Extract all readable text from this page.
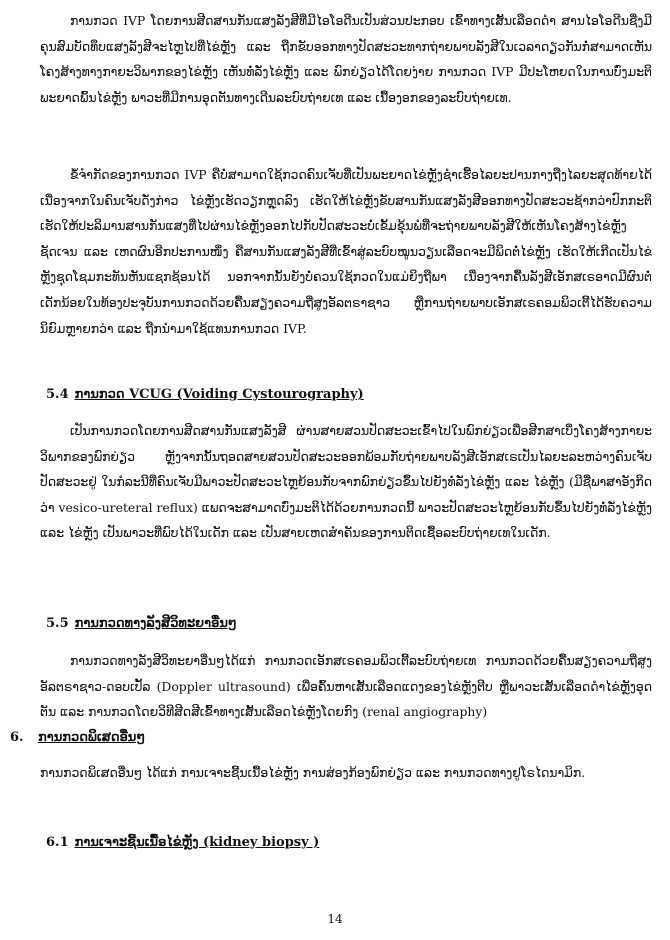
ການກວດ IVP ໂດຍການສີດສານກັນແສງລັງສີທີ່ມີໄອໂອດີນເປັນສ່ວນປະກອບ ເຂົ້າທາງເສັ້ນເລືອດດໍາ ສານໄອໂອດີນຊື່ງມີຄຸນສົມບັດທຶບແສງລັງສີຈະໄຫຼໄປທີ່ໄຂ່ຫຼັງ ແລະ ຖືກຂັບອອກທາງປັດສະວະທາກຖ່າຍພາບລັງສີໃນເວລາດຽວກັນກໍ່ສາມາດເຫັນໂຄງສ້າງທາງກາຍະວິພາກຂອງໄຂ່ຫຼັງ ເຫັນທໍ່ລັ່ງໄຂ່ຫຼັງ ແລະ ພົກຍ່ຽວໄດ້ໂດຍງ່າຍ ການກວດ IVP ມີປະໂຫຍດໃນການບົ່ງມະຕິພະຍາດພົ້ນໄຂ່ຫຼັງ ພາວະທີ່ມີການອຸດຕັນທາງເດີນລະບົບຖ່າຍເທ ແລະ ເນື້ອງອກຂອງລະບົບຖ່າຍເທ.

ຂໍ້ຈໍາກັດຂອງການກວດ IVP ຄືບໍ່ສາມາດໃຊ້ກວດຄົນເຈັບທີ່ເປັນພະຍາດໄຂ່ຫຼັງຊໍາເຮື້ອໄລຍະປານກາງຖືງໄລຍະສຸດທ້າຍໄດ້ ເນື່ອງຈາກໃນຄົນເຈັບດັ່ງກ່າວ ໄຂ່ຫຼັງເຮັດວຽກຫຼຸດລົງ ເຮັດໃຫ້ໄຂ່ຫຼັງຂັບສານກັນແສງລັງສີອອກທາງປັດສະວະຊ້າກວ່າປົກກະຕິ ເຮັດໃຫ້ປະລິມານສານກັນແສງທີ່ໄປຜ່ານໄຂ່ຫຼັງອອກໄປກັບປັດສະວະບໍ່ເຂັ້ມຂຸ້ນພໍທີ່ຈະຖ່າຍພາບລັງສີໃຫ້ເຫັນໂຄງສ້າງໄຂ່ຫຼັງຊັດເຈນ ແລະ ເຫດຜົນອີກປະການໜຶ່ງ ຄືສານກັນແສງລັງສີທີ່ເຂົ້າສູ່ລະບົບໝູນວຽນເລືອດຈະມີພິດຕໍ່ໄຂ່ຫຼັງ ເຮັດໃຫ້ເກີດເປັນໄຂ່ຫຼັງຊຸດໂຊມກະທັນຫັນແຊກຊ້ອນໄດ້ ນອກຈາກນັ້ນຍັງບໍ່ຄວນໃຊ້ກວດໃນແມ່ຍິງຖືພາ ເນື່ອງຈາກຄື້ນລັງສີເອັກສເຣອາດມີຜົນຕໍ່ເດັກນ້ອຍໃນທ້ອງປະຈຸບັນການກວດດ້ວຍຄື້ນສຽງຄວາມຖີ່ສູງອັລຕຣາຊາວ ຫຼືການຖ່າຍພາບເອັກສເຣຄອມພິວເຕີ້ໄດ້ຮັບຄວາມນິຍົມຫຼາຍກວ່າ ແລະ ຖືກນໍາມາໃຊ້ແທນການກວດ IVP.

5.4 ການກວດ VCUG (Voiding Cystourography)

ເປັນການກວດໂດຍການສີດສານກັນແສງລັງສີ ຜ່ານສາຍສວນປັດສະວະເຂົ້າໄປໃນພົກຍ່ຽວເພື່ອສີກສາເບິ່ງໂຄງສ້າງກາຍະວິພາກຂອງພົກຍ່ຽວ ຫຼັງຈາກນັ້ນຖອດສາຍສວນປັດສະວະອອກພ້ອມກັບຖ່າຍພາບລັງສີເອັກສເຣເປັນໄລຍະລະຫວ່າງຄົນເຈັບປັດສະວະຢູ່ ໃນກໍລະນີທີ່ຄົນເຈັບມີພາວະປັດສະວະໄຫຼຍ້ອນກັບຈາກພົກຍ່ຽວຂຶ້ນໄປຍັງທໍ່ລັ່ງໄຂ່ຫຼັງ ແລະ ໄຂ່ຫຼັງ (ມີຊື່ພາສາອັງກິດວ່າ vesico-ureteral reflux) ແພດຈະສາມາດບົ່ງມະຕິໄດ້ດ້ວຍການກວດນີ້ ພາວະປັດສະວະໄຫຼຍ້ອນກັບຂຶ້ນໄປຍັງທໍ່ລັ່ງໄຂ່ຫຼັງ ແລະ ໄຂ່ຫຼັງ ເປັນພາວະທີ່ພົບໄດ້ໃນເດັກ ແລະ ເປັນສາຍເຫດສໍາຄັນຂອງການຕິດເຊື້ອລະບົບຖ່າຍເທໃນເດັກ.

5.5 ການກວດທາງລັງສີວິທະຍາອື່ນໆ

ການກວດທາງລັງສີວິທະຍາອື່ນໆໄດ້ແກ່ ການກວດເອັກສເຣຄອມພິວເຕີ້ລະບົບຖ່າຍເທ ການກວດດ້ວຍຄື້ນສຽງຄວາມຖີ່ສູງອັລຕຣາຊາວ-ດອບເປັ້ລ (Doppler ultrasound) ເພື່ອຄົ້ນຫາເສັ້ນເລືອດແດງຂອງໄຂ່ຫຼັງຕີບ ຫຼືພາວະເສັ້ນເລືອດດໍາໄຂ່ຫຼັງອຸດຕັນ ແລະ ການກວດໂດຍວິທີສີດສີເຂົ້າທາງເສັ້ນເລືອດໄຂ່ຫຼັງໂດຍກົງ (renal angiography)

6. ການກວດພິເສດອື່ນໆ

ການກວດພິເສດອື່ນໆ ໄດ້ແກ່ ການເຈາະຊີ້ນເນື້ອໄຂ່ຫຼັງ ການສ່ອງກ້ອງພົກຍ່ຽວ ແລະ ການກວດທາງຢູໂຣໄດນາມິກ.

6.1 ການເຈາະຊີ້ນເນື້ອໄຂ່ຫຼັງ (kidney biopsy )
14
